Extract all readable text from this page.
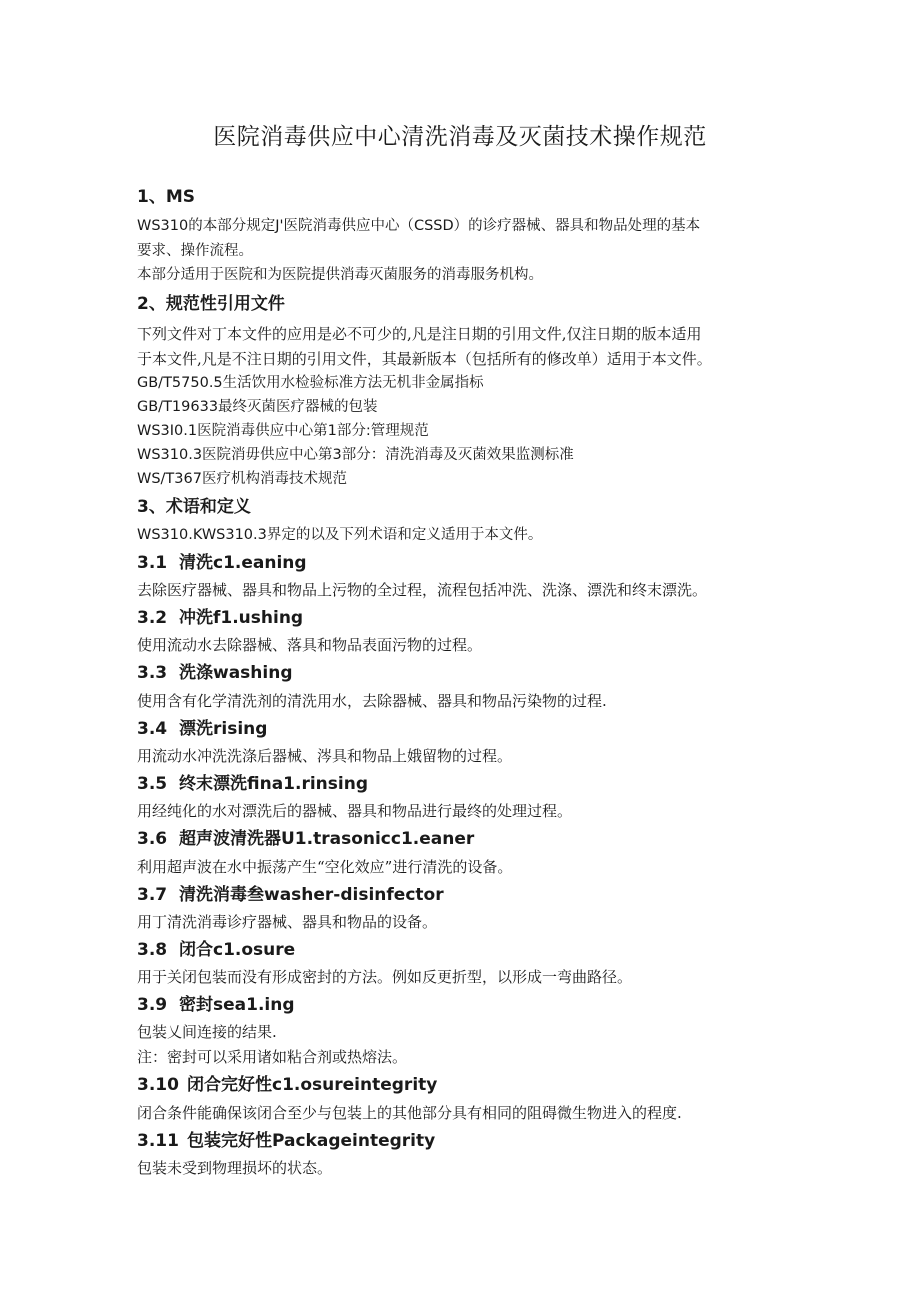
医院消毒供应中心清洗消毒及灭菌技术操作规范
1、MS
WS310的本部分规定J'医院消毒供应中心（CSSD）的诊疗器械、器具和物品处理的基本
要求、操作流程。
本部分适用于医院和为医院提供消毒灭菌服务的消毒服务机构。
2、规范性引用文件
下列文件对丁本文件的应用是必不可少的,凡是注日期的引用文件,仅注日期的版本适用
于本文件,凡是不注日期的引用文件，其最新版本（包括所有的修改单）适用于本文件。
GB/T5750.5生活饮用水检验标准方法无机非金属指标
GB/T19633最终灭菌医疗器械的包装
WS3I0.1医院消毒供应中心第1部分:管理规范
WS310.3医院消毋供应中心第3部分：清洗消毒及灭菌效果监测标准
WS/T367医疗机构消毒技术规范
3、术语和定义
WS310.KWS310.3界定的以及下列术语和定义适用于本文件。
3.1 清洗c1.eaning
去除医疗器械、器具和物品上污物的全过程，流程包括冲洗、洗涤、漂洗和终末漂洗。
3.2 冲洗f1.ushing
使用流动水去除器械、落具和物品表面污物的过程。
3.3 洗涤washing
使用含有化学清洗剂的清洗用水，去除器械、器具和物品污染物的过程.
3.4 漂洗rising
用流动水冲洗洗涤后器械、涔具和物品上娥留物的过程。
3.5 终末漂洗fina1.rinsing
用经纯化的水对漂洗后的器械、器具和物品进行最终的处理过程。
3.6 超声波清洗器U1.trasonicc1.eaner
利用超声波在水中振荡产生“空化效应”进行清洗的设备。
3.7 清洗消毒叁washer-disinfector
用丁清洗消毒诊疗器械、器具和物品的设备。
3.8 闭合c1.osure
用于关闭包装而没有形成密封的方法。例如反更折型，以形成一弯曲路径。
3.9 密封sea1.ing
包装乂间连接的结果.
注：密封可以采用诸如粘合剂或热熔法。
3.10 闭合完好性c1.osureintegrity
闭合条件能确保该闭合至少与包装上的其他部分具有相同的阻碍微生物进入的程度.
3.11 包装完好性Packageintegrity
包装未受到物理损坏的状态。
